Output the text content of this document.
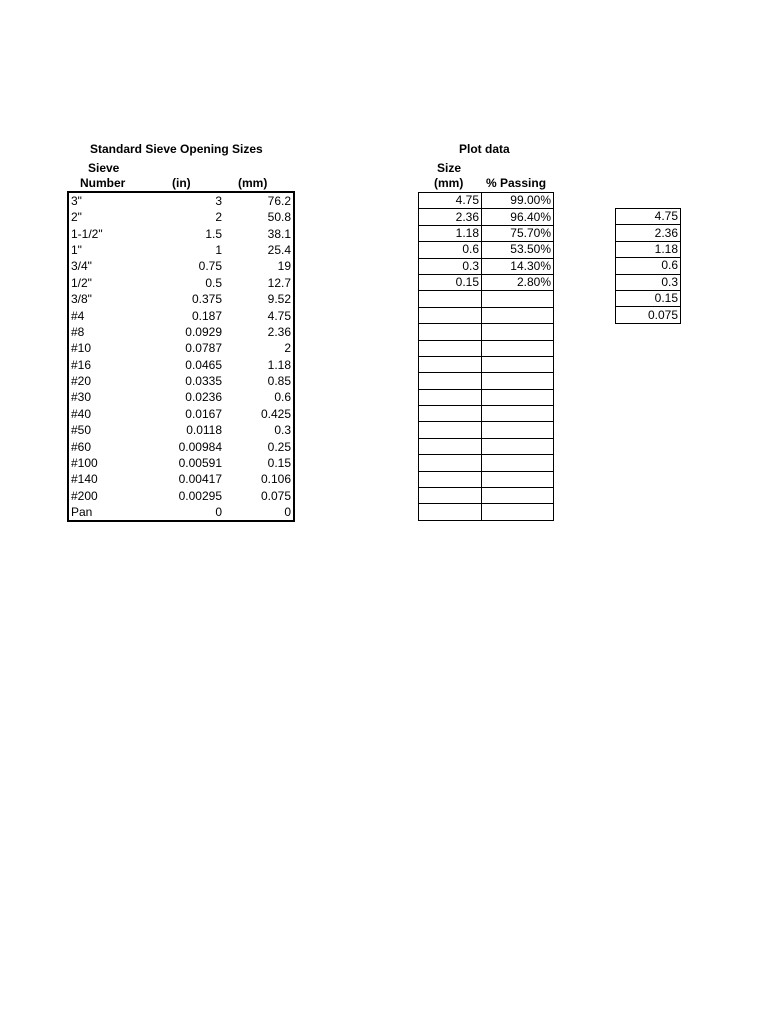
Standard Sieve Opening Sizes
Sieve
Number	(in)	(mm)
3"	3	76.2
2"	2	50.8
1-1/2"	1.5	38.1
1"	1	25.4
3/4"	0.75	19
1/2"	0.5	12.7
3/8"	0.375	9.52
#4	0.187	4.75
#8	0.0929	2.36
#10	0.0787	2
#16	0.0465	1.18
#20	0.0335	0.85
#30	0.0236	0.6
#40	0.0167	0.425
#50	0.0118	0.3
#60	0.00984	0.25
#100	0.00591	0.15
#140	0.00417	0.106
#200	0.00295	0.075
Pan	0	0
Plot data
Size
(mm) % Passing
4.75	99.00%
2.36	96.40%
1.18	75.70%
0.6	53.50%
0.3	14.30%
0.15	2.80%

4.75
2.36
1.18
0.6
0.3
0.15
0.075
